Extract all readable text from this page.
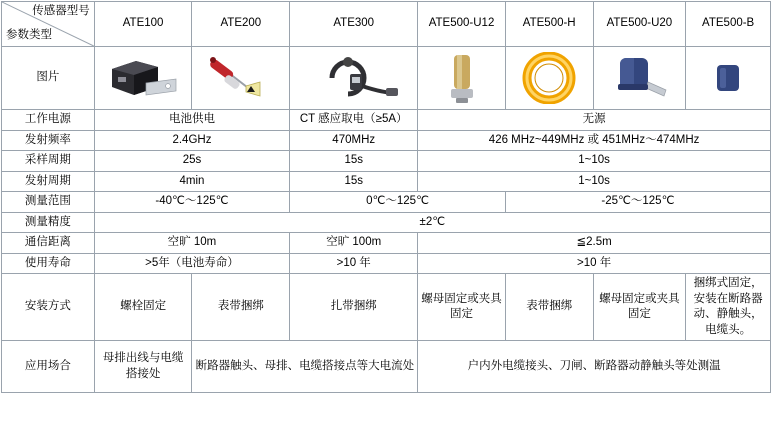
传感器型号
参数类型	ATE100	ATE200	ATE300	ATE500-U12	ATE500-H	ATE500-U20	ATE500-B
图片	

工作电源	电池供电		CT 感应取电（≥5A）	无源			
发射频率	2.4GHz		470MHz	426 MHz~449MHz 或 451MHz～474MHz			
采样周期	25s		15s	1~10s			
发射周期	4min		15s	1~10s			
测量范围	-40℃～125℃		0℃～125℃		-25℃～125℃		
测量精度	±2℃						
通信距离	空旷 10m		空旷 100m	≦2.5m			
使用寿命	>5年（电池寿命）		>10 年	>10 年			
安装方式	螺栓固定	表带捆绑	扎带捆绑	螺母固定或夹具固定	表带捆绑	螺母固定或夹具固定	捆绑式固定，安装在断路器动、静触头，电缆头。
应用场合	母排出线与电缆搭接处	断路器触头、母排、电缆搭接点等大电流处		户内外电缆接头、刀闸、断路器动静触头等处测温			
